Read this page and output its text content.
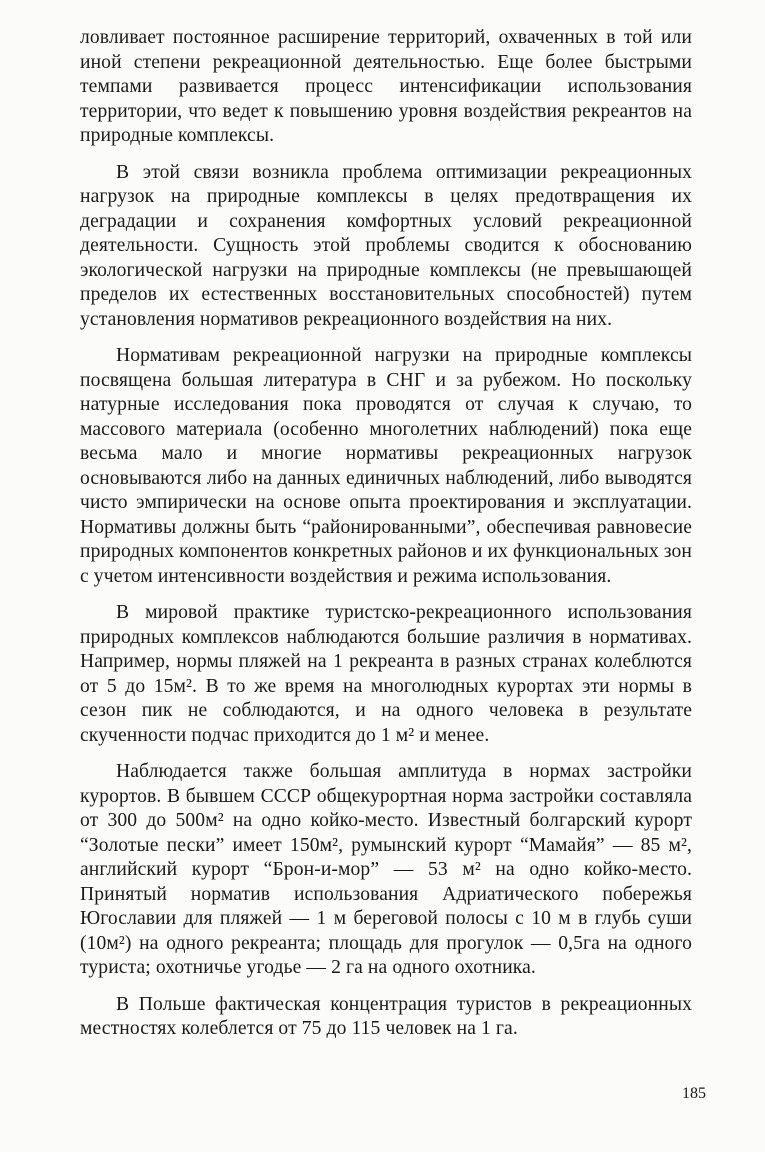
ловливает постоянное расширение территорий, охваченных в той или иной степени рекреационной деятельностью. Еще более быстрыми темпами развивается процесс интенсификации использования территории, что ведет к повышению уровня воздействия рекреантов на природные комплексы.

В этой связи возникла проблема оптимизации рекреационных нагрузок на природные комплексы в целях предотвращения их деградации и сохранения комфортных условий рекреационной деятельности. Сущность этой проблемы сводится к обоснованию экологической нагрузки на природные комплексы (не превышающей пределов их естественных восстановительных способностей) путем установления нормативов рекреационного воздействия на них.

Нормативам рекреационной нагрузки на природные комплексы посвящена большая литература в СНГ и за рубежом. Но поскольку натурные исследования пока проводятся от случая к случаю, то массового материала (особенно многолетних наблюдений) пока еще весьма мало и многие нормативы рекреационных нагрузок основываются либо на данных единичных наблюдений, либо выводятся чисто эмпирически на основе опыта проектирования и эксплуатации. Нормативы должны быть “районированными”, обеспечивая равновесие природных компонентов конкретных районов и их функциональных зон с учетом интенсивности воздействия и режима использования.

В мировой практике туристско-рекреационного использования природных комплексов наблюдаются большие различия в нормативах. Например, нормы пляжей на 1 рекреанта в разных странах колеблются от 5 до 15м². В то же время на многолюдных курортах эти нормы в сезон пик не соблюдаются, и на одного человека в результате скученности подчас приходится до 1 м² и менее.

Наблюдается также большая амплитуда в нормах застройки курортов. В бывшем СССР общекурортная норма застройки составляла от 300 до 500м² на одно койко-место. Известный болгарский курорт “Золотые пески” имеет 150м², румынский курорт “Мамайя” — 85 м², английский курорт “Брон-и-мор” — 53 м² на одно койко-место. Принятый норматив использования Адриатического побережья Югославии для пляжей — 1 м береговой полосы с 10 м в глубь суши (10м²) на одного рекреанта; площадь для прогулок — 0,5га на одного туриста; охотничье угодье — 2 га на одного охотника.

В Польше фактическая концентрация туристов в рекреационных местностях колеблется от 75 до 115 человек на 1 га.

185
